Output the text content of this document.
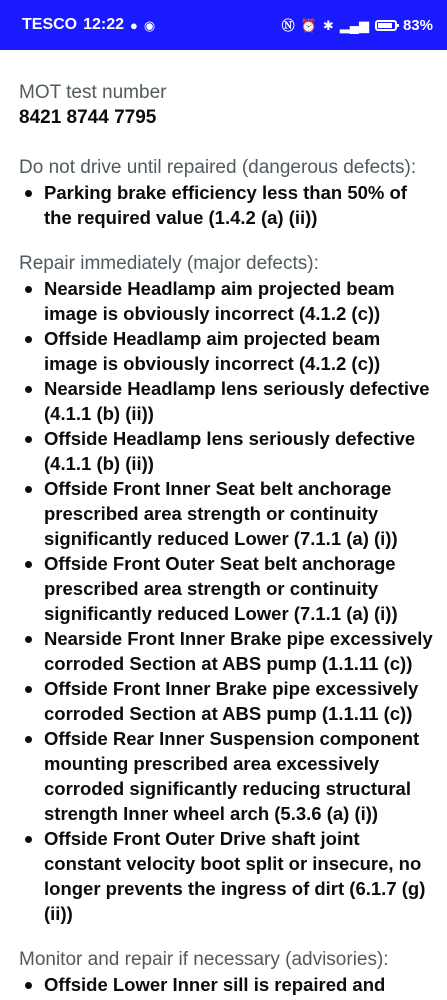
TESCO 12:22 ● ◉	Ⓝ ⏰ ✱ ▂▄▆ 83%
MOT test number
8421 8744 7795
Do not drive until repaired (dangerous defects):
Parking brake efficiency less than 50% of the required value (1.4.2 (a) (ii))
Repair immediately (major defects):
Nearside Headlamp aim projected beam image is obviously incorrect (4.1.2 (c))
Offside Headlamp aim projected beam image is obviously incorrect (4.1.2 (c))
Nearside Headlamp lens seriously defective (4.1.1 (b) (ii))
Offside Headlamp lens seriously defective (4.1.1 (b) (ii))
Offside Front Inner Seat belt anchorage prescribed area strength or continuity significantly reduced Lower (7.1.1 (a) (i))
Offside Front Outer Seat belt anchorage prescribed area strength or continuity significantly reduced Lower (7.1.1 (a) (i))
Nearside Front Inner Brake pipe excessively corroded Section at ABS pump (1.1.11 (c))
Offside Front Inner Brake pipe excessively corroded Section at ABS pump (1.1.11 (c))
Offside Rear Inner Suspension component mounting prescribed area excessively corroded significantly reducing structural strength Inner wheel arch (5.3.6 (a) (i))
Offside Front Outer Drive shaft joint constant velocity boot split or insecure, no longer prevents the ingress of dirt (6.1.7 (g) (ii))
Monitor and repair if necessary (advisories):
Offside Lower Inner sill is repaired and
